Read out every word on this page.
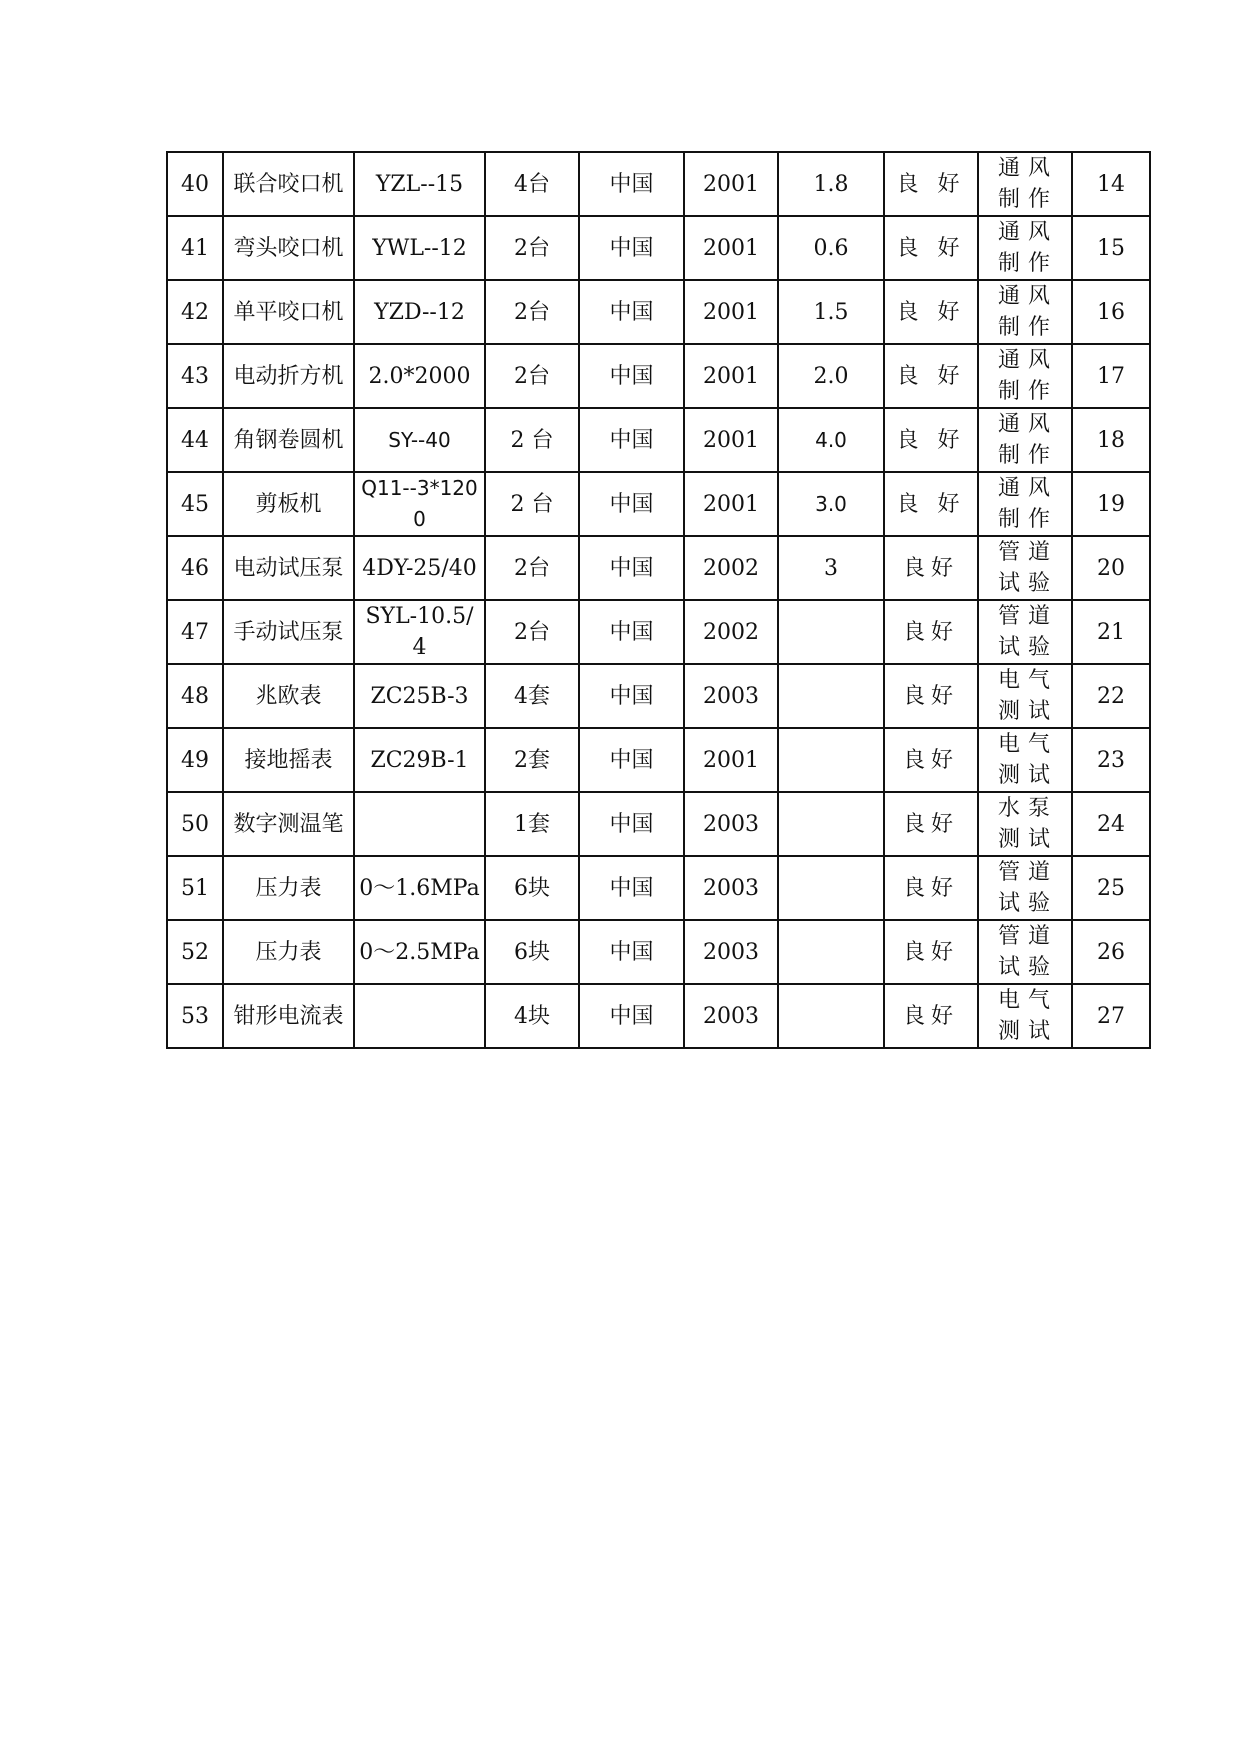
40	联合咬口机	YZL--15	4台	中国	2001	1.8	良 好	通风制作	14
41	弯头咬口机	YWL--12	2台	中国	2001	0.6	良 好	通风制作	15
42	单平咬口机	YZD--12	2台	中国	2001	1.5	良 好	通风制作	16
43	电动折方机	2.0*2000	2台	中国	2001	2.0	良 好	通风制作	17
44	角钢卷圆机	SY--40	2 台	中国	2001	4.0	良 好	通风制作	18
45	剪板机	Q11--3*1200	2 台	中国	2001	3.0	良 好	通风制作	19
46	电动试压泵	4DY-25/40	2台	中国	2002	3	良好	管道试验	20
47	手动试压泵	SYL-10.5/4	2台	中国	2002		良好	管道试验	21
48	兆欧表	ZC25B-3	4套	中国	2003		良好	电气测试	22
49	接地摇表	ZC29B-1	2套	中国	2001		良好	电气测试	23
50	数字测温笔		1套	中国	2003		良好	水泵测试	24
51	压力表	0～1.6MPa	6块	中国	2003		良好	管道试验	25
52	压力表	0～2.5MPa	6块	中国	2003		良好	管道试验	26
53	钳形电流表		4块	中国	2003		良好	电气测试	27
